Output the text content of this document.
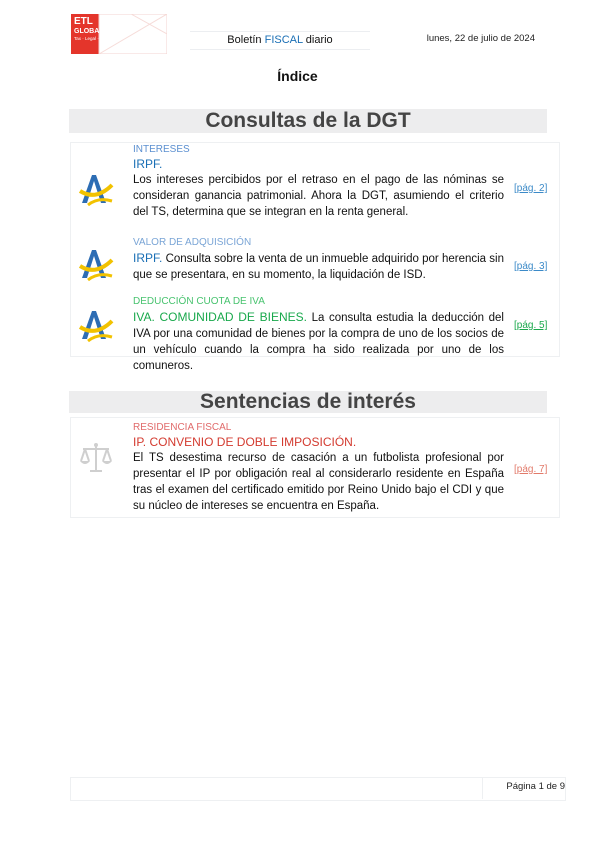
ETL
GLOBAL
Tax · Legal · Audit	Boletín FISCAL diario	lunes, 22 de julio de 2024
Índice
Consultas de la DGT
INTERESES
IRPF.

Los intereses percibidos por el retraso en el pago de las nóminas se consideran ganancia patrimonial. Ahora la DGT, asumiendo el criterio del TS, determina que se integran en la renta general.

[pág. 2]
VALOR DE ADQUISICIÓN

IRPF. Consulta sobre la venta de un inmueble adquirido por herencia sin que se presentara, en su momento, la liquidación de ISD.

[pág. 3]
DEDUCCIÓN CUOTA DE IVA

IVA. COMUNIDAD DE BIENES. La consulta estudia la deducción del IVA por una comunidad de bienes por la compra de uno de los socios de un vehículo cuando la compra ha sido realizada por uno de los comuneros.

[pág. 5]
Sentencias de interés
RESIDENCIA FISCAL
IP. CONVENIO DE DOBLE IMPOSICIÓN.

El TS desestima recurso de casación a un futbolista profesional por presentar el IP por obligación real al considerarlo residente en España tras el examen del certificado emitido por Reino Unido bajo el CDI y que su núcleo de intereses se encuentra en España.

[pág. 7]
Página 1 de 9
